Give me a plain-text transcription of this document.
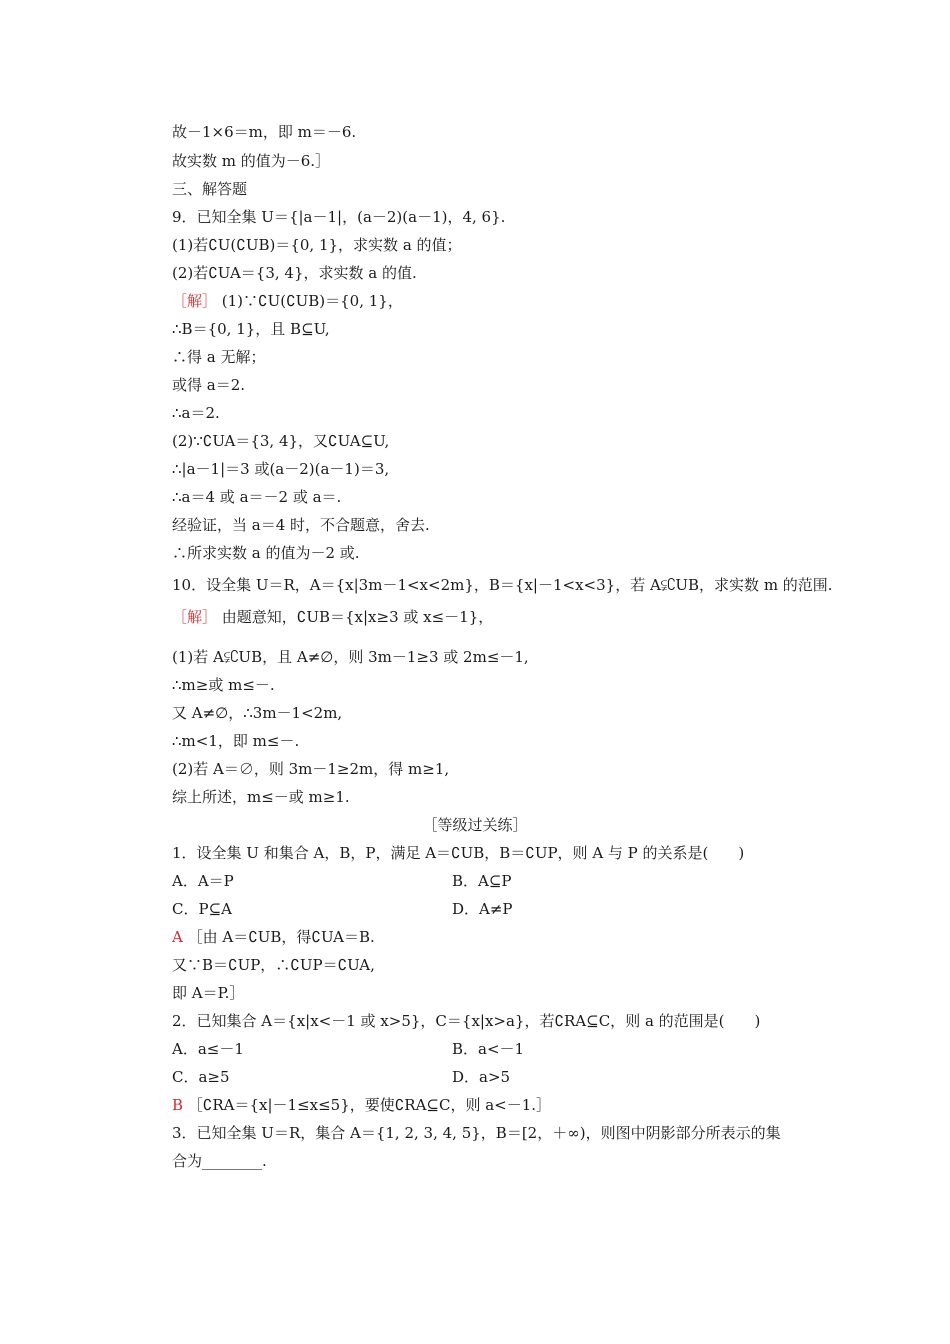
故－1×6＝m，即 m＝－6.
故实数 m 的值为－6.］
三、解答题
9．已知全集 U＝{|a－1|，(a－2)(a－1)，4, 6}.
(1)若∁U(∁UB)＝{0, 1}，求实数 a 的值；
(2)若∁UA＝{3, 4}，求实数 a 的值.
［解］ (1)∵∁U(∁UB)＝{0, 1}，
∴B＝{0, 1}，且 B⊆U,
∴得 a 无解；
或得 a＝2.
∴a＝2.
(2)∵∁UA＝{3, 4}，又∁UA⊆U,
∴|a－1|＝3 或(a－2)(a－1)＝3,
∴a＝4 或 a＝－2 或 a＝.
经验证，当 a＝4 时，不合题意，舍去.
∴所求实数 a 的值为－2 或.
10．设全集 U＝R，A＝{x|3m－1<x<2m}，B＝{x|－1<x<3}，若 A⫋∁UB，求实数 m 的范围.
［解］ 由题意知，∁UB＝{x|x≥3 或 x≤－1}，
(1)若 A⫋∁UB，且 A≠∅，则 3m－1≥3 或 2m≤－1,
∴m≥或 m≤－.
又 A≠∅，∴3m－1<2m,
∴m<1，即 m≤－.
(2)若 A＝∅，则 3m－1≥2m，得 m≥1,
综上所述，m≤－或 m≥1.
［等级过关练］
1．设全集 U 和集合 A，B，P，满足 A＝∁UB，B＝∁UP，则 A 与 P 的关系是(　　)
A．A＝P	B．A⊆P
C．P⊆A	D．A≠P
A ［由 A＝∁UB，得∁UA＝B.
又∵B＝∁UP，∴∁UP＝∁UA,
即 A＝P.］
2．已知集合 A＝{x|x<－1 或 x>5}，C＝{x|x>a}，若∁RA⊆C，则 a 的范围是(　　)
A．a≤－1	B．a<－1
C．a≥5	D．a>5
B ［∁RA＝{x|－1≤x≤5}，要使∁RA⊆C，则 a<－1.］
3．已知全集 U＝R，集合 A＝{1, 2, 3, 4, 5}，B＝[2，＋∞)，则图中阴影部分所表示的集
合为________.
